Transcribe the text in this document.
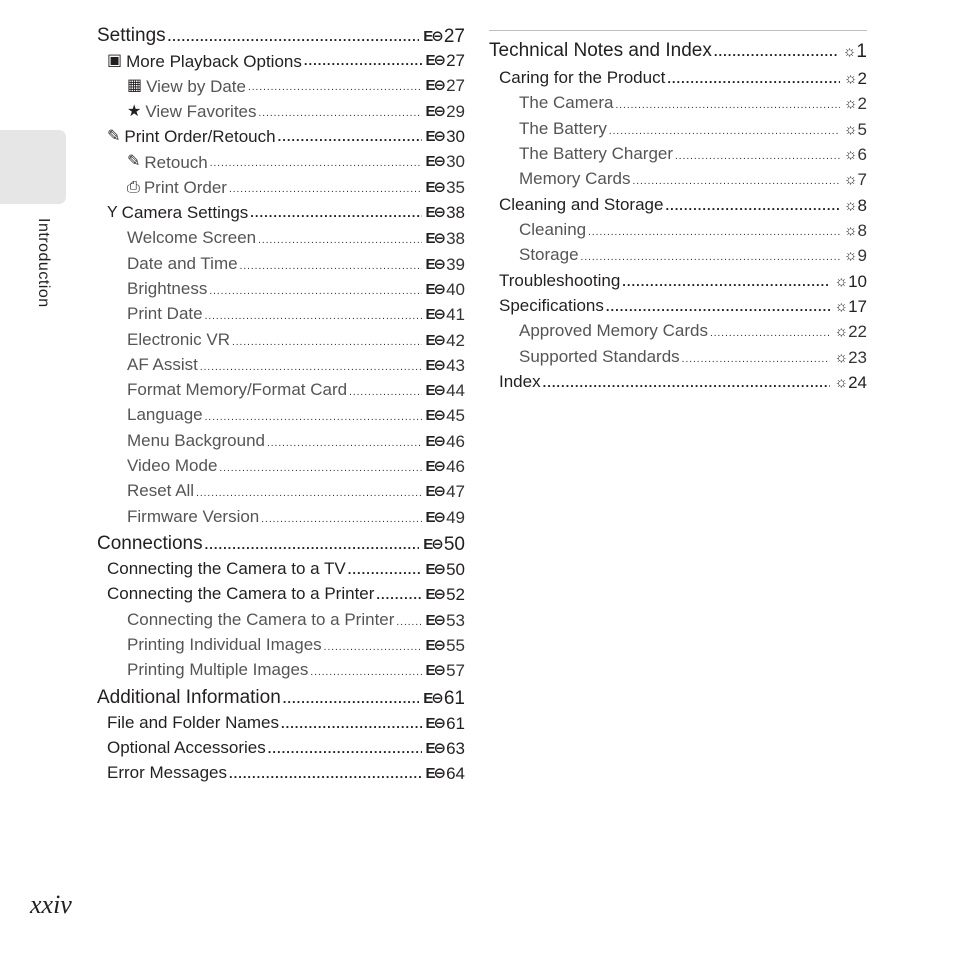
Introduction
Settings .....	E⊖ 27
▣ More Playback Options .....	E⊖ 27
▦ View by Date .....	E⊖ 27
★ View Favorites .....	E⊖ 29
✎ Print Order/Retouch .....	E⊖ 30
✎ Retouch .....	E⊖ 30
⎙ Print Order .....	E⊖ 35
Y Camera Settings .....	E⊖ 38
Welcome Screen .....	E⊖ 38
Date and Time .....	E⊖ 39
Brightness .....	E⊖ 40
Print Date .....	E⊖ 41
Electronic VR .....	E⊖ 42
AF Assist .....	E⊖ 43
Format Memory/Format Card .....	E⊖ 44
Language .....	E⊖ 45
Menu Background .....	E⊖ 46
Video Mode .....	E⊖ 46
Reset All .....	E⊖ 47
Firmware Version .....	E⊖ 49
Connections .....	E⊖ 50
Connecting the Camera to a TV .....	E⊖ 50
Connecting the Camera to a Printer .....	E⊖ 52
Connecting the Camera to a Printer ..... E⊖ 53
Printing Individual Images .....	E⊖ 55
Printing Multiple Images .....	E⊖ 57
Additional Information .....	E⊖ 61
File and Folder Names .....	E⊖ 61
Optional Accessories .....	E⊖ 63
Error Messages .....	E⊖ 64
Technical Notes and Index .....	☼ 1
Caring for the Product .....	☼ 2
The Camera .....	☼ 2
The Battery .....	☼ 5
The Battery Charger .....	☼ 6
Memory Cards .....	☼ 7
Cleaning and Storage .....	☼ 8
Cleaning .....	☼ 8
Storage .....	☼ 9
Troubleshooting .....	☼ 10
Specifications .....	☼ 17
Approved Memory Cards .....	☼ 22
Supported Standards .....	☼ 23
Index .....	☼ 24
xxiv
